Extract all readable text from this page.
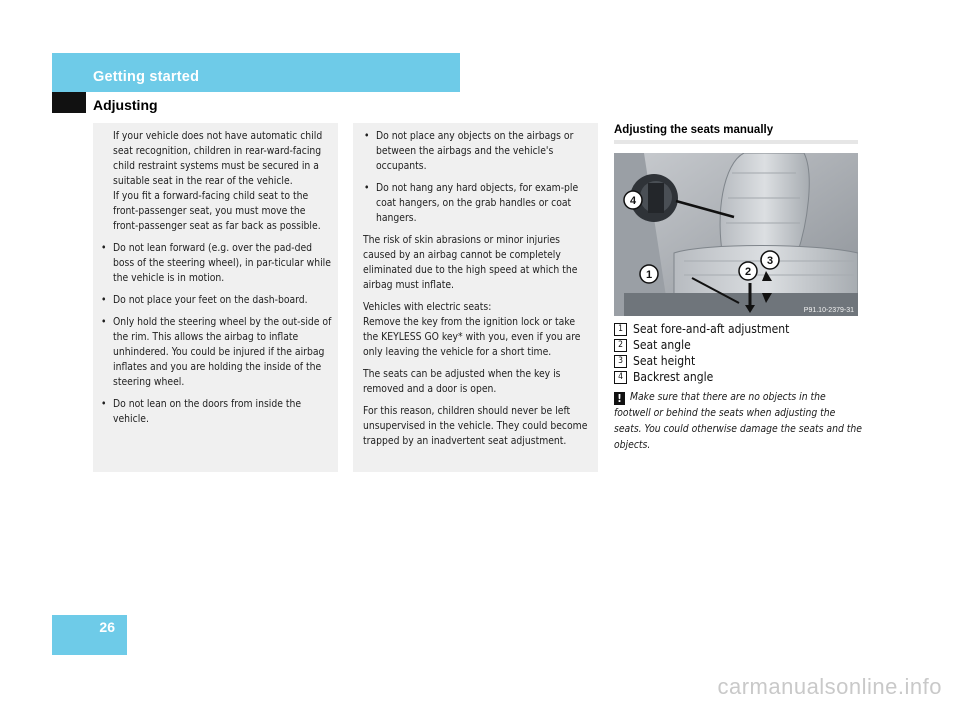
Getting started
Adjusting
If your vehicle does not have automatic child seat recognition, children in rear-ward-facing child restraint systems must be secured in a suitable seat in the rear of the vehicle.
If you fit a forward-facing child seat to the front-passenger seat, you must move the front-passenger seat as far back as possible.
• Do not lean forward (e.g. over the pad-ded boss of the steering wheel), in par-ticular while the vehicle is in motion.
• Do not place your feet on the dash-board.
• Only hold the steering wheel by the out-side of the rim. This allows the airbag to inflate unhindered. You could be injured if the airbag inflates and you are holding the inside of the steering wheel.
• Do not lean on the doors from inside the vehicle.
• Do not place any objects on the airbags or between the airbags and the vehicle's occupants.
• Do not hang any hard objects, for exam-ple coat hangers, on the grab handles or coat hangers.

The risk of skin abrasions or minor injuries caused by an airbag cannot be completely eliminated due to the high speed at which the airbag must inflate.

Vehicles with electric seats:

Remove the key from the ignition lock or take the KEYLESS GO key* with you, even if you are only leaving the vehicle for a short time.

The seats can be adjusted when the key is removed and a door is open.

For this reason, children should never be left unsupervised in the vehicle. They could become trapped by an inadvertent seat adjustment.

Adjusting the seats manually
4
1	2
3
P91.10-2379-31
1 Seat fore-and-aft adjustment
2 Seat angle
3 Seat height
4 Backrest angle
! Make sure that there are no objects in the footwell or behind the seats when adjusting the seats. You could otherwise damage the seats and the objects.
26
carmanualsonline.info
